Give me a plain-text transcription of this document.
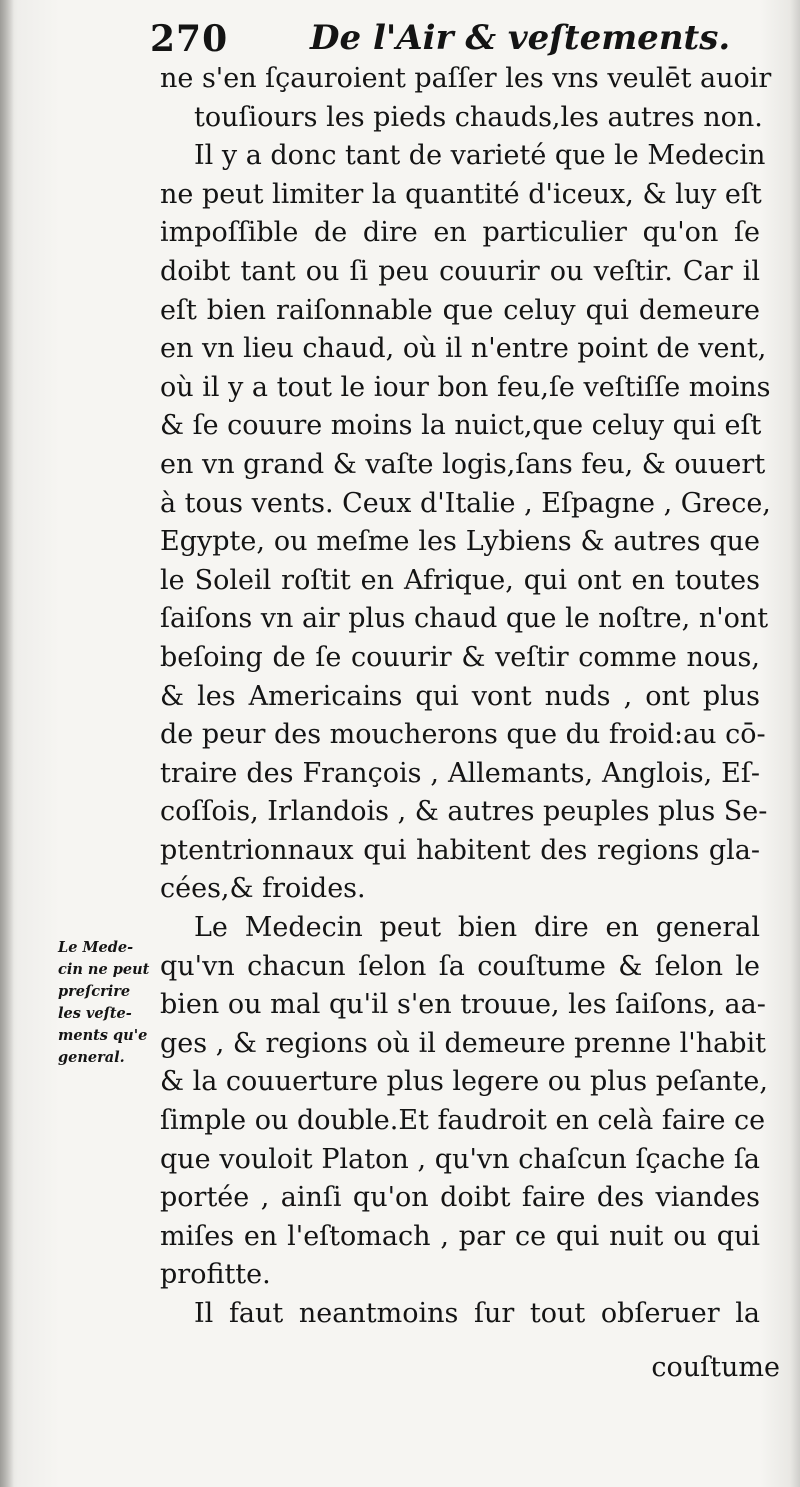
270 De l'Air & veſtements.
Le Mede-
cin ne peut
preſcrire
les veſte-
ments qu'e
general.
ne s'en ſçauroient paſſer les vns veulēt auoir
touſiours les pieds chauds,les autres non.
Il y a donc tant de varieté que le Medecin
ne peut limiter la quantité d'iceux, & luy eſt
impoſſible de dire en particulier qu'on ſe
doibt tant ou ſi peu couurir ou veſtir. Car il
eſt bien raiſonnable que celuy qui demeure
en vn lieu chaud, où il n'entre point de vent,
où il y a tout le iour bon feu,ſe veſtiſſe moins
& ſe couure moins la nuict,que celuy qui eſt
en vn grand & vaſte logis,ſans feu, & ouuert
à tous vents. Ceux d'Italie , Eſpagne , Grece,
Egypte, ou meſme les Lybiens & autres que
le Soleil roſtit en Afrique, qui ont en toutes
ſaiſons vn air plus chaud que le noſtre, n'ont
beſoing de ſe couurir & veſtir comme nous,
& les Americains qui vont nuds , ont plus
de peur des moucherons que du froid:au cō-
traire des François , Allemants, Anglois, Eſ-
coſſois, Irlandois , & autres peuples plus Se-
ptentrionnaux qui habitent des regions gla-
cées,& froides.
Le Medecin peut bien dire en general
qu'vn chacun ſelon ſa couſtume & ſelon le
bien ou mal qu'il s'en trouue, les ſaiſons, aa-
ges , & regions où il demeure prenne l'habit
& la couuerture plus legere ou plus peſante,
ſimple ou double.Et faudroit en celà faire ce
que vouloit Platon , qu'vn chaſcun ſçache ſa
portée , ainſi qu'on doibt faire des viandes
miſes en l'eſtomach , par ce qui nuit ou qui
profitte.
Il faut neantmoins ſur tout obſeruer la
couſtume
